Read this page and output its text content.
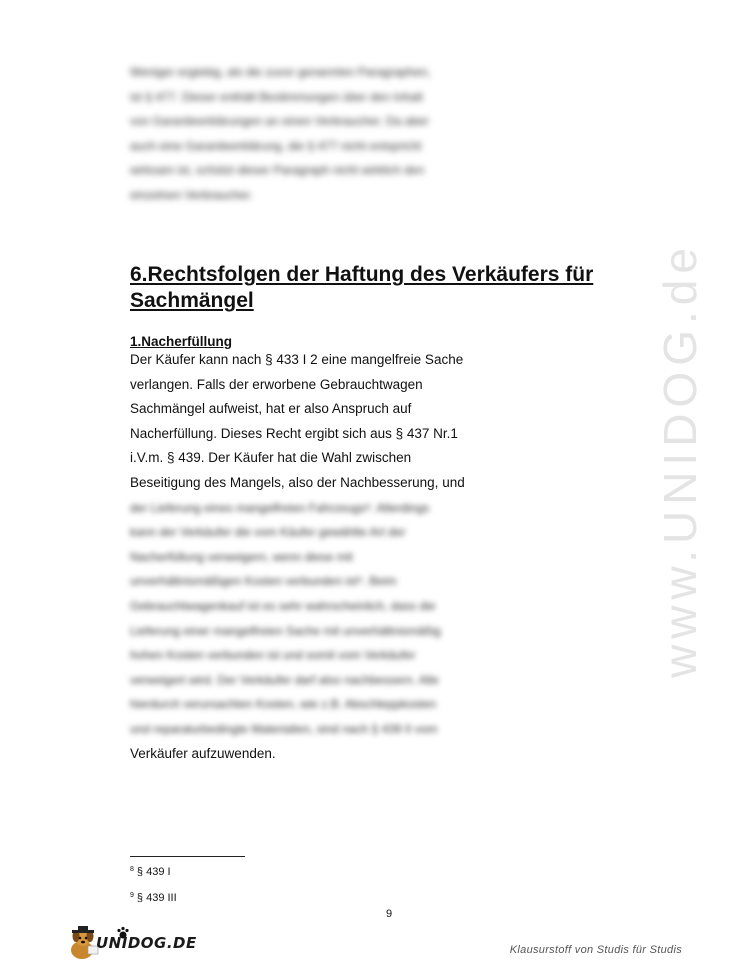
Weniger ergiebig, als die zuvor genannten Paragraphen,
ist § 477. Dieser enthält Bestimmungen über den Inhalt
von Garantieerklärungen an einen Verbraucher. Da aber
auch eine Garantieerklärung, die § 477 nicht entspricht
wirksam ist, schützt dieser Paragraph nicht wirklich den
einzelnen Verbraucher.
www.UNIDOG.de
6.Rechtsfolgen der Haftung des Verkäufers für
Sachmängel
1.Nacherfüllung
Der Käufer kann nach § 433 I 2 eine mangelfreie Sache
verlangen. Falls der erworbene Gebrauchtwagen
Sachmängel aufweist, hat er also Anspruch auf
Nacherfüllung. Dieses Recht ergibt sich aus § 437 Nr.1
i.V.m. § 439. Der Käufer hat die Wahl zwischen
Beseitigung des Mangels, also der Nachbesserung, und
der Lieferung eines mangelfreien Fahrzeugs⁸. Allerdings
kann der Verkäufer die vom Käufer gewählte Art der
Nacherfüllung verweigern, wenn diese mit
unverhältnismäßigen Kosten verbunden ist⁹. Beim
Gebrauchtwagenkauf ist es sehr wahrscheinlich, dass die
Lieferung einer mangelfreien Sache mit unverhältnismäßig
hohen Kosten verbunden ist und somit vom Verkäufer
verweigert wird. Der Verkäufer darf also nachbessern. Alle
hierdurch verursachten Kosten, wie z.B. Abschleppkosten
und reparaturbedingte Materialien, sind nach § 439 II vom
Verkäufer aufzuwenden.
$^8$ § 439 I
$^9$ § 439 III
9
UNIDOG.DE	Klausurstoff von Studis für Studis
